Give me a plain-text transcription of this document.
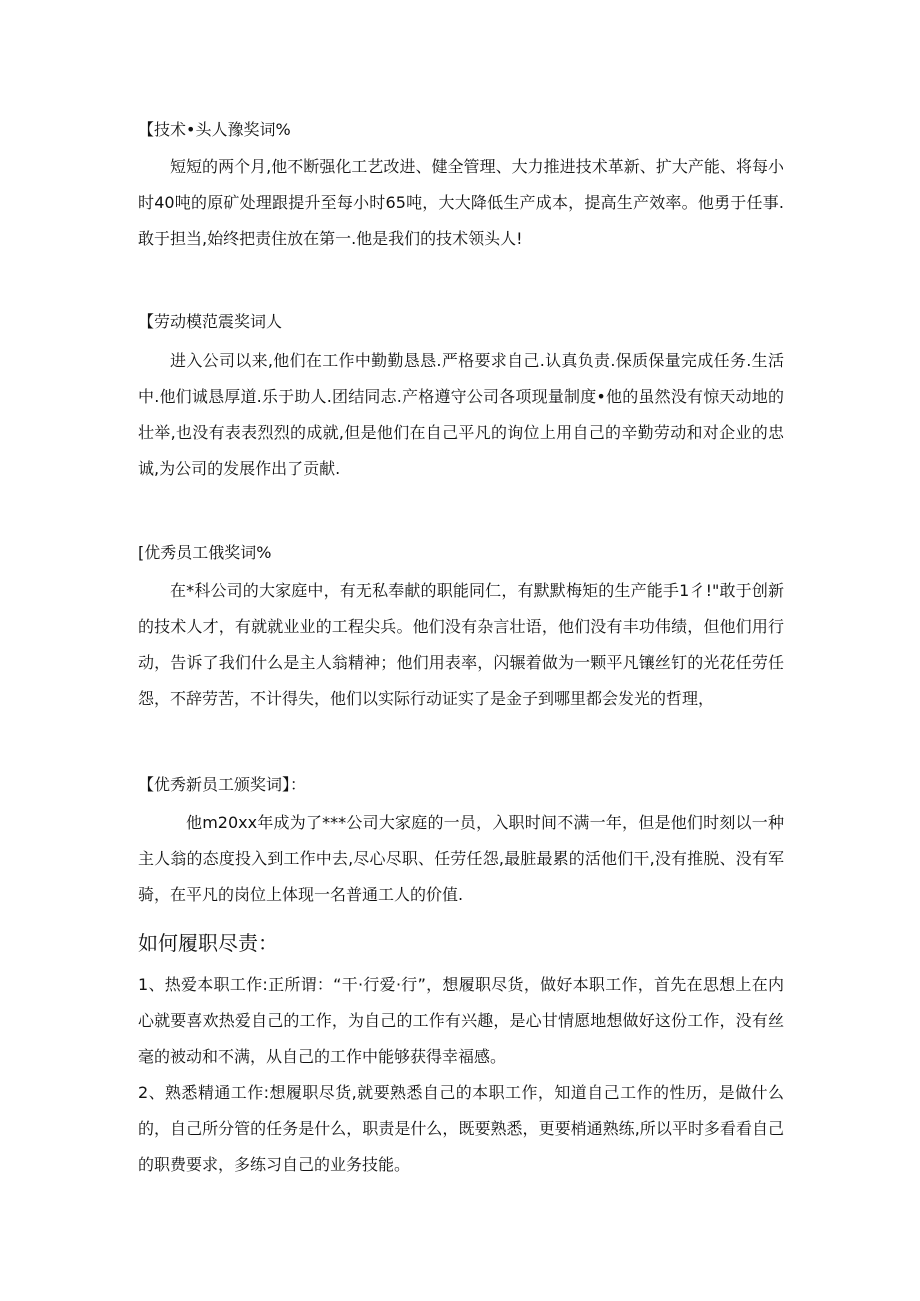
【技术•头人豫奖词%
短短的两个月,他不断强化工艺改进、健全管理、大力推进技术革新、扩大产能、将每小时40吨的原矿处理跟提升至每小时65吨，大大降低生产成本，提高生产效率。他勇于任事.敢于担当,始终把责住放在第一.他是我们的技术领头人!
【劳动模范震奖词人
进入公司以来,他们在工作中勤勤恳恳.严格要求自己.认真负责.保质保量完成任务.生活中.他们诚恳厚道.乐于助人.团结同志.产格遵守公司各项现量制度•他的虽然没有惊天动地的壮举,也没有表表烈烈的成就,但是他们在自己平凡的询位上用自己的辛勤劳动和对企业的忠诚,为公司的发展作出了贡献.
[优秀员工俄奖词%
在*科公司的大家庭中，有无私奉献的职能同仁，有默默梅矩的生产能手1彳!"敢于创新的技术人才，有就就业业的工程尖兵。他们没有杂言壮语，他们没有丰功伟绩，但他们用行动，告诉了我们什么是主人翁精神；他们用表率，闪辗着做为一颗平凡镶丝钉的光花任劳任怨，不辞劳苦，不计得失，他们以实际行动证实了是金子到哪里都会发光的哲理，
【优秀新员工颁奖词】：
他m20xx年成为了***公司大家庭的一员，入职时间不满一年，但是他们时刻以一种主人翁的态度投入到工作中去,尽心尽职、任劳任怨,最脏最累的活他们干,没有推脱、没有军骑，在平凡的岗位上体现一名普通工人的价值.
如何履职尽责：
1、热爱本职工作:正所谓：“干·行爱·行”，想履职尽货，做好本职工作，首先在思想上在内心就要喜欢热爱自己的工作，为自己的工作有兴趣，是心甘情愿地想做好这份工作，没有丝毫的被动和不满，从自己的工作中能够获得幸福感。
2、熟悉精通工作:想履职尽货,就要熟悉自己的本职工作，知道自己工作的性历，是做什么的，自己所分管的任务是什么，职责是什么，既要熟悉，更要梢通熟练,所以平时多看看自己的职费要求，多练习自己的业务技能。
